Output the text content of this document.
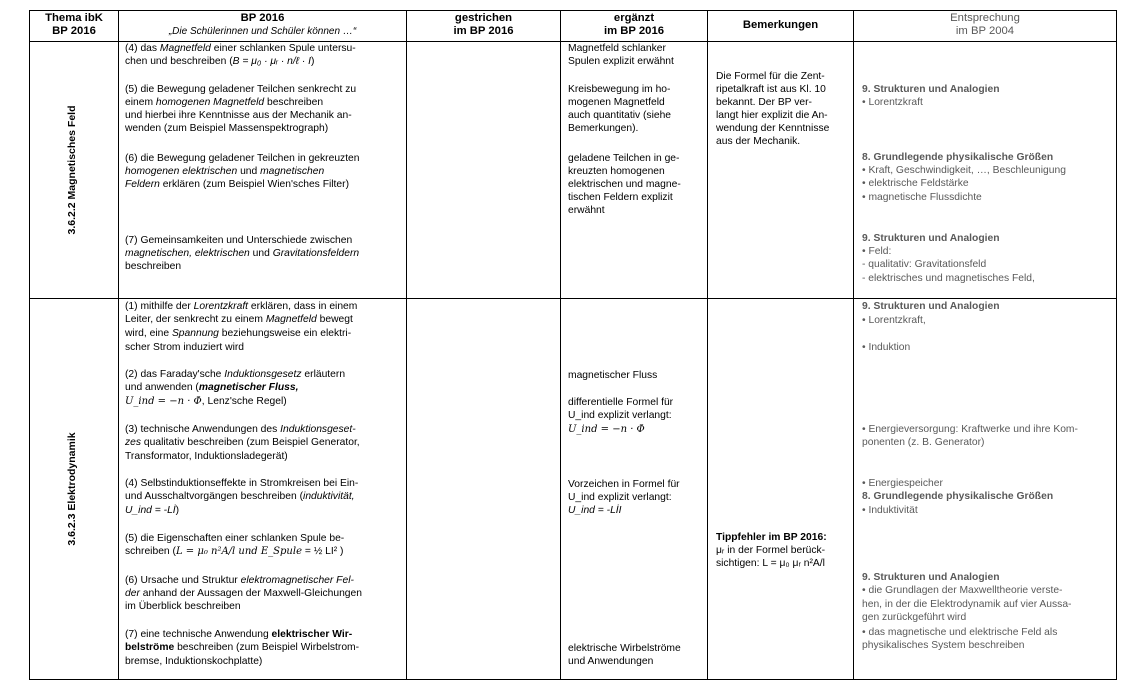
Thema ibK
BP 2016
BP 2016
„Die Schülerinnen und Schüler können …“
gestrichen
im BP 2016
ergänzt
im BP 2016	Bemerkungen
Entsprechung
im BP 2004
3.6.2.2 Magnetisches Feld
3.6.2.3 Elektrodynamik
(4) das Magnetfeld einer schlanken Spule untersu-
chen und beschreiben (B = μ₀ · μᵣ · n/ℓ · I)
(5) die Bewegung geladener Teilchen senkrecht zu
einem homogenen Magnetfeld beschreiben
und hierbei ihre Kenntnisse aus der Mechanik an-
wenden (zum Beispiel Massenspektrograph)
(6) die Bewegung geladener Teilchen in gekreuzten
homogenen elektrischen und magnetischen
Feldern erklären (zum Beispiel Wien'sches Filter)
(7) Gemeinsamkeiten und Unterschiede zwischen
magnetischen, elektrischen und Gravitationsfeldern
beschreiben
Magnetfeld schlanker
Spulen explizit erwähnt
Kreisbewegung im ho-
mogenen Magnetfeld
auch quantitativ (siehe
Bemerkungen).
geladene Teilchen in ge-
kreuzten homogenen
elektrischen und magne-
tischen Feldern explizit
erwähnt
Die Formel für die Zent-
ripetalkraft ist aus Kl. 10
bekannt. Der BP ver-
langt hier explizit die An-
wendung der Kenntnisse
aus der Mechanik.
9. Strukturen und Analogien
• Lorentzkraft
8. Grundlegende physikalische Größen
• Kraft, Geschwindigkeit, …, Beschleunigung
• elektrische Feldstärke
• magnetische Flussdichte
9. Strukturen und Analogien
• Feld:
- qualitativ: Gravitationsfeld
- elektrisches und magnetisches Feld,
(1) mithilfe der Lorentzkraft erklären, dass in einem
Leiter, der senkrecht zu einem Magnetfeld bewegt
wird, eine Spannung beziehungsweise ein elektri-
scher Strom induziert wird
(2) das Faraday'sche Induktionsgesetz erläutern
und anwenden (magnetischer Fluss,
U_ind = −n · Φ̇, Lenz'sche Regel)
(3) technische Anwendungen des Induktionsgeset-
zes qualitativ beschreiben (zum Beispiel Generator,
Transformator, Induktionsladegerät)
(4) Selbstinduktionseffekte in Stromkreisen bei Ein-
und Ausschaltvorgängen beschreiben (induktivität,
U_ind = -Lİ)
(5) die Eigenschaften einer schlanken Spule be-
schreiben (L = μ₀ n²A/l und E_Spule = ½ LI² )
(6) Ursache und Struktur elektromagnetischer Fel-
der anhand der Aussagen der Maxwell-Gleichungen
im Überblick beschreiben
(7) eine technische Anwendung elektrischer Wir-
belströme beschreiben (zum Beispiel Wirbelstrom-
bremse, Induktionskochplatte)
magnetischer Fluss
differentielle Formel für
U_ind explizit verlangt:
U_ind = −n · Φ̇
Vorzeichen in Formel für
U_ind explizit verlangt:
U_ind = -LİI
elektrische Wirbelströme
und Anwendungen
Tippfehler im BP 2016:
μᵣ in der Formel berück-
sichtigen: L = μ₀ μᵣ n²A/l
9. Strukturen und Analogien
• Lorentzkraft,
• Induktion
• Energieversorgung: Kraftwerke und ihre Kom-
ponenten (z. B. Generator)
• Energiespeicher
8. Grundlegende physikalische Größen
• Induktivität
9. Strukturen und Analogien
• die Grundlagen der Maxwelltheorie verste-
hen, in der die Elektrodynamik auf vier Aussa-
gen zurückgeführt wird
• das magnetische und elektrische Feld als
physikalisches System beschreiben
